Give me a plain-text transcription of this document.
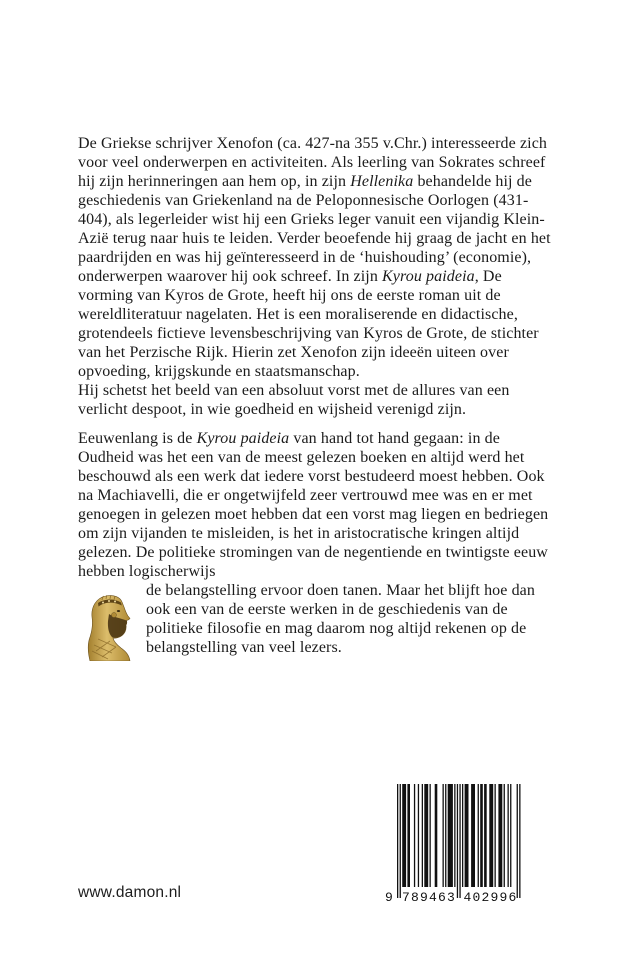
De Griekse schrijver Xenofon (ca. 427-na 355 v.Chr.) interesseerde zich voor veel onderwerpen en activiteiten. Als leerling van Sokrates schreef hij zijn herinneringen aan hem op, in zijn Hellenika behandelde hij de geschiedenis van Griekenland na de Peloponnesische Oorlogen (431-404), als legerleider wist hij een Grieks leger vanuit een vijandig Klein-Azië terug naar huis te leiden. Verder beoefende hij graag de jacht en het paardrijden en was hij geïnteresseerd in de ‘huishouding’ (economie), onderwerpen waarover hij ook schreef. In zijn Kyrou paideia, De vorming van Kyros de Grote, heeft hij ons de eerste roman uit de wereldliteratuur nagelaten. Het is een moraliserende en didactische, grotendeels fictieve levensbeschrijving van Kyros de Grote, de stichter van het Perzische Rijk. Hierin zet Xenofon zijn ideeën uiteen over opvoeding, krijgskunde en staatsmanschap.
Hij schetst het beeld van een absoluut vorst met de allures van een verlicht despoot, in wie goedheid en wijsheid verenigd zijn.

Eeuwenlang is de Kyrou paideia van hand tot hand gegaan: in de Oudheid was het een van de meest gelezen boeken en altijd werd het beschouwd als een werk dat iedere vorst bestudeerd moest hebben. Ook na Machiavelli, die er ongetwijfeld zeer vertrouwd mee was en er met genoegen in gelezen moet hebben dat een vorst mag liegen en bedriegen om zijn vijanden te misleiden, is het in aristocratische kringen altijd gelezen. De politieke stromingen van de negentiende en twintigste eeuw hebben logischerwijs

de belangstelling ervoor doen tanen. Maar het blijft hoe dan ook een van de eerste werken in de geschiedenis van de politieke filosofie en mag daarom nog altijd rekenen op de belangstelling van veel lezers.

www.damon.nl	9 789463 402996
